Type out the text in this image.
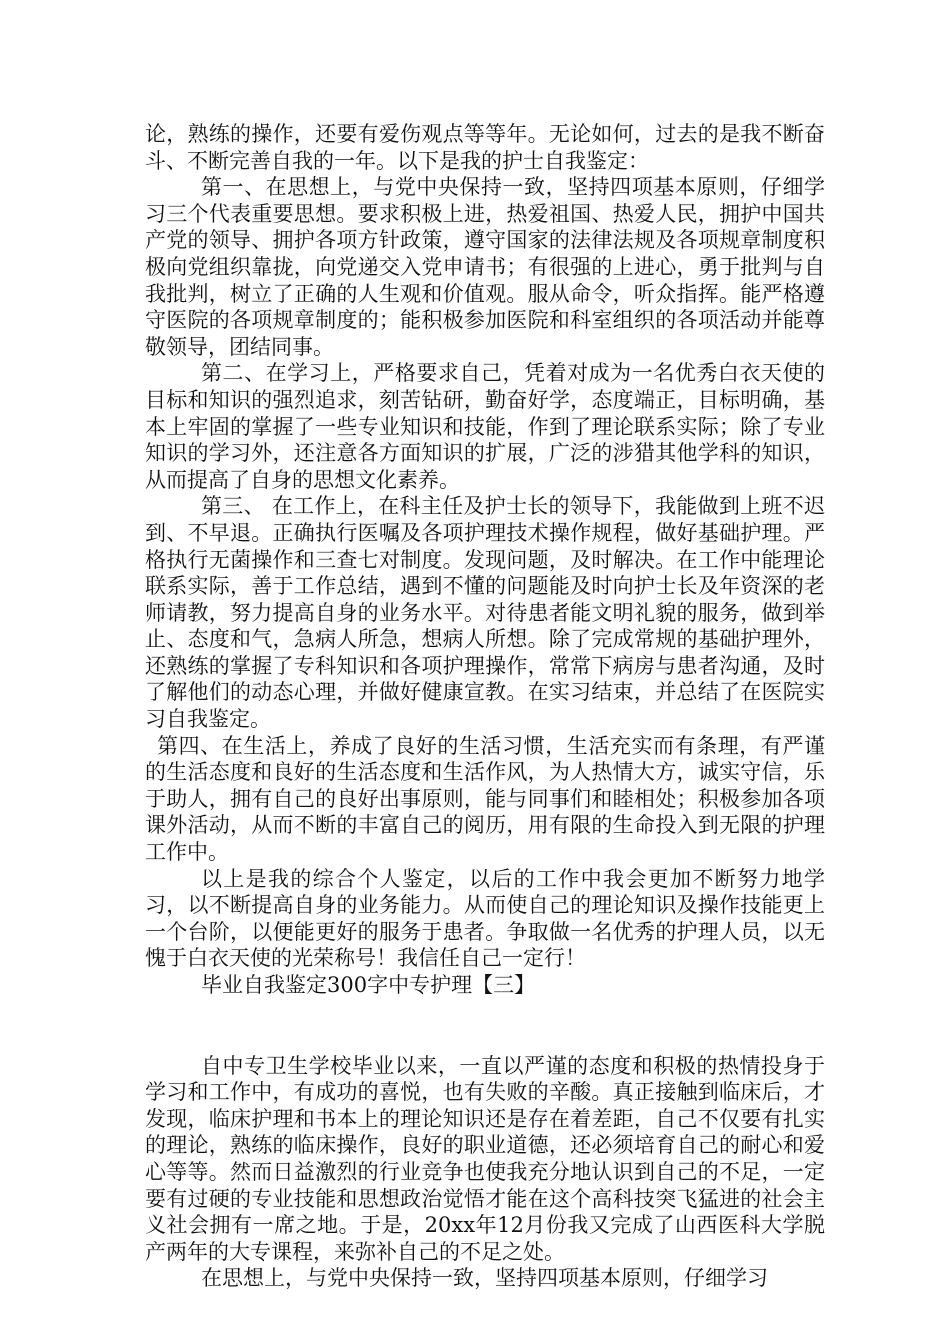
论，熟练的操作，还要有爱伤观点等等年。无论如何，过去的是我不断奋斗、不断完善自我的一年。以下是我的护士自我鉴定：

第一、在思想上，与党中央保持一致，坚持四项基本原则，仔细学习三个代表重要思想。要求积极上进，热爱祖国、热爱人民，拥护中国共产党的领导、拥护各项方针政策，遵守国家的法律法规及各项规章制度积极向党组织靠拢，向党递交入党申请书；有很强的上进心，勇于批判与自我批判，树立了正确的人生观和价值观。服从命令，听众指挥。能严格遵守医院的各项规章制度的；能积极参加医院和科室组织的各项活动并能尊敬领导，团结同事。

第二、在学习上，严格要求自己，凭着对成为一名优秀白衣天使的目标和知识的强烈追求，刻苦钻研，勤奋好学，态度端正，目标明确，基本上牢固的掌握了一些专业知识和技能，作到了理论联系实际；除了专业知识的学习外，还注意各方面知识的扩展，广泛的涉猎其他学科的知识，从而提高了自身的思想文化素养。

第三、 在工作上，在科主任及护士长的领导下，我能做到上班不迟到、不早退。正确执行医嘱及各项护理技术操作规程，做好基础护理。严格执行无菌操作和三查七对制度。发现问题，及时解决。在工作中能理论联系实际，善于工作总结，遇到不懂的问题能及时向护士长及年资深的老师请教，努力提高自身的业务水平。对待患者能文明礼貌的服务，做到举止、态度和气，急病人所急，想病人所想。除了完成常规的基础护理外，还熟练的掌握了专科知识和各项护理操作，常常下病房与患者沟通，及时了解他们的动态心理，并做好健康宣教。在实习结束，并总结了在医院实习自我鉴定。

第四、在生活上，养成了良好的生活习惯，生活充实而有条理，有严谨的生活态度和良好的生活态度和生活作风，为人热情大方，诚实守信，乐于助人，拥有自己的良好出事原则，能与同事们和睦相处；积极参加各项课外活动，从而不断的丰富自己的阅历，用有限的生命投入到无限的护理工作中。

以上是我的综合个人鉴定，以后的工作中我会更加不断努力地学习，以不断提高自身的业务能力。从而使自己的理论知识及操作技能更上一个台阶，以便能更好的服务于患者。争取做一名优秀的护理人员，以无愧于白衣天使的光荣称号！我信任自己一定行！

毕业自我鉴定300字中专护理【三】

自中专卫生学校毕业以来，一直以严谨的态度和积极的热情投身于学习和工作中，有成功的喜悦，也有失败的辛酸。真正接触到临床后，才发现，临床护理和书本上的理论知识还是存在着差距，自己不仅要有扎实的理论，熟练的临床操作，良好的职业道德，还必须培育自己的耐心和爱心等等。然而日益激烈的行业竞争也使我充分地认识到自己的不足，一定要有过硬的专业技能和思想政治觉悟才能在这个高科技突飞猛进的社会主义社会拥有一席之地。于是，20xx年12月份我又完成了山西医科大学脱产两年的大专课程，来弥补自己的不足之处。

在思想上，与党中央保持一致，坚持四项基本原则，仔细学习
